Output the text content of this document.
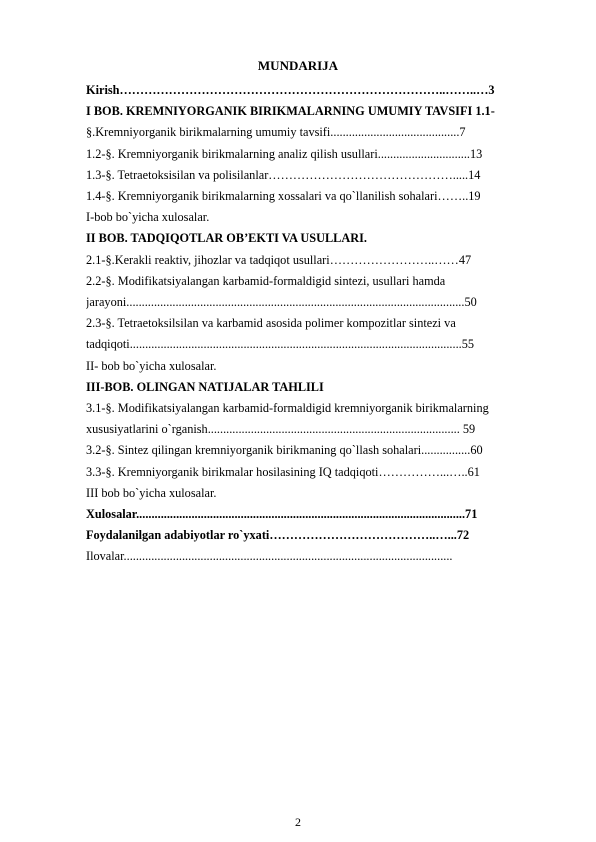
MUNDARIJA
Kirish……………………………………………………………………..……..…3
I BOB. KREMNIYORGANIK BIRIKMALARNING UMUMIY TAVSIFI 1.1-
§.Kremniyorganik birikmalarning umumiy tavsifi..........................................7
1.2-§. Kremniyorganik birikmalarning analiz qilish usullari..............................13
1.3-§. Tetraetoksisilan va polisilanlar……………………………………….....14
1.4-§. Kremniyorganik birikmalarning xossalari va qo`llanilish sohalari……..19
I-bob bo`yicha xulosalar.
II BOB. TADQIQOTLAR OB’EKTI VA USULLARI.
2.1-§.Kerakli reaktiv, jihozlar va tadqiqot usullari……………………..……47
2.2-§. Modifikatsiyalangan karbamid-formaldigid sintezi, usullari hamda
jarayoni..............................................................................................................50
2.3-§. Tetraetoksilsilan va karbamid asosida polimer kompozitlar sintezi va
tadqiqoti............................................................................................................55
II- bob bo`yicha xulosalar.
III-BOB. OLINGAN NATIJALAR TAHLILI
3.1-§. Modifikatsiyalangan karbamid-formaldigid kremniyorganik birikmalarning
xususiyatlarini o`rganish.................................................................................. 59
3.2-§. Sintez qilingan kremniyorganik birikmaning qo`llash sohalari................60
3.3-§. Kremniyorganik birikmalar hosilasining IQ tadqiqoti……………...…..61
III bob bo`yicha xulosalar.
Xulosalar...........................................................................................................71
Foydalanilgan adabiyotlar ro`yxati…………………………………..…...72
Ilovalar...........................................................................................................
2
